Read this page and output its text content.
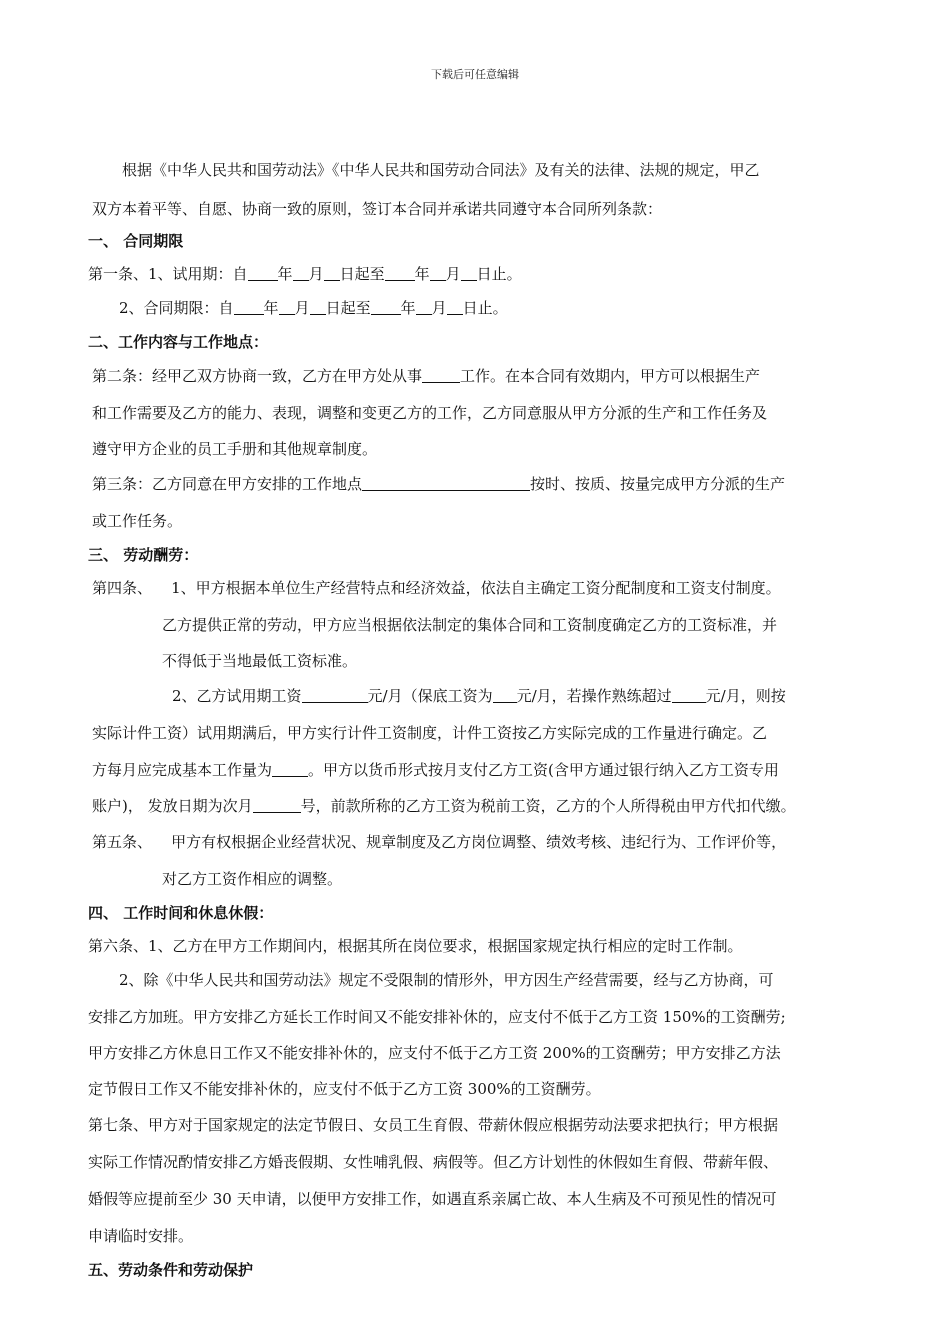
下载后可任意编辑
根据《中华人民共和国劳动法》《中华人民共和国劳动合同法》及有关的法律、法规的规定，甲乙
双方本着平等、自愿、协商一致的原则，签订本合同并承诺共同遵守本合同所列条款：
一、 合同期限
第一条、1、试用期：自 年 月 日起至 年 月 日止。
2、合同期限：自 年 月 日起至 年 月 日止。
二、工作内容与工作地点：
第二条：经甲乙双方协商一致，乙方在甲方处从事	工作。在本合同有效期内，甲方可以根据生产
和工作需要及乙方的能力、表现，调整和变更乙方的工作，乙方同意服从甲方分派的生产和工作任务及
遵守甲方企业的员工手册和其他规章制度。
第三条：乙方同意在甲方安排的工作地点	按时、按质、按量完成甲方分派的生产
或工作任务。
三、 劳动酬劳：
第四条、    1、甲方根据本单位生产经营特点和经济效益，依法自主确定工资分配制度和工资支付制度。
乙方提供正常的劳动，甲方应当根据依法制定的集体合同和工资制度确定乙方的工资标准，并
不得低于当地最低工资标准。
2、乙方试用期工资	元/月（保底工资为 元/月，若操作熟练超过 元/月，则按
实际计件工资）试用期满后，甲方实行计件工资制度，计件工资按乙方实际完成的工作量进行确定。乙
方每月应完成基本工作量为 。甲方以货币形式按月支付乙方工资(含甲方通过银行纳入乙方工资专用
账户)， 发放日期为次月	号，前款所称的乙方工资为税前工资，乙方的个人所得税由甲方代扣代缴。
第五条、    甲方有权根据企业经营状况、规章制度及乙方岗位调整、绩效考核、违纪行为、工作评价等，
对乙方工资作相应的调整。
四、 工作时间和休息休假：
第六条、1、乙方在甲方工作期间内，根据其所在岗位要求，根据国家规定执行相应的定时工作制。
2、除《中华人民共和国劳动法》规定不受限制的情形外，甲方因生产经营需要，经与乙方协商，可
安排乙方加班。甲方安排乙方延长工作时间又不能安排补休的，应支付不低于乙方工资 150%的工资酬劳;
甲方安排乙方休息日工作又不能安排补休的，应支付不低于乙方工资 200%的工资酬劳；甲方安排乙方法
定节假日工作又不能安排补休的，应支付不低于乙方工资 300%的工资酬劳。
第七条、甲方对于国家规定的法定节假日、女员工生育假、带薪休假应根据劳动法要求把执行；甲方根据
实际工作情况酌情安排乙方婚丧假期、女性哺乳假、病假等。但乙方计划性的休假如生育假、带薪年假、
婚假等应提前至少 30 天申请，以便甲方安排工作，如遇直系亲属亡故、本人生病及不可预见性的情况可
申请临时安排。
五、劳动条件和劳动保护
